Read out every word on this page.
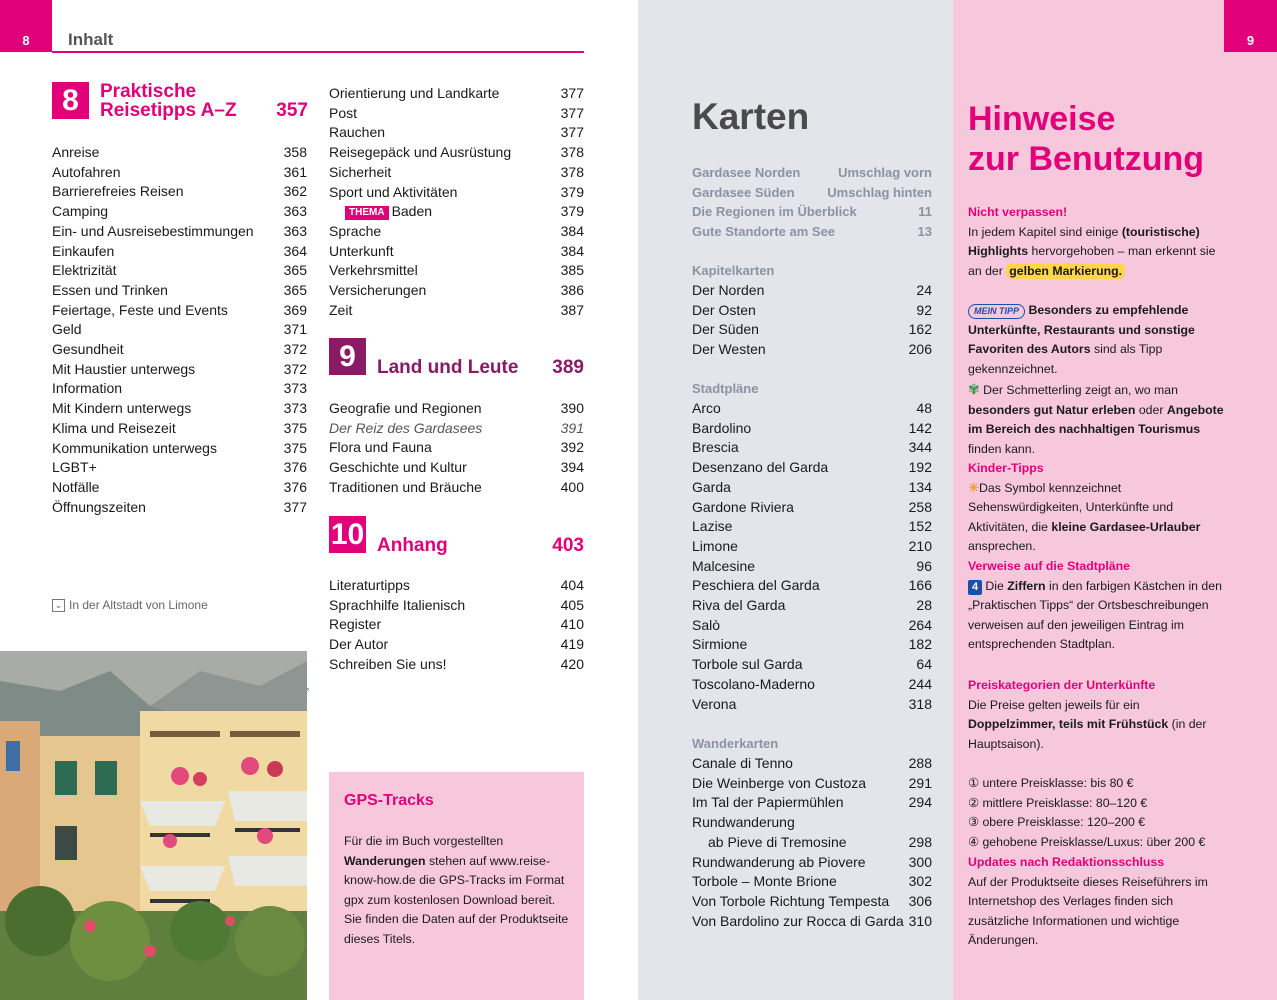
8 Inhalt
8	Praktische
Reisetipps A–Z 357
Anreise	358
Autofahren	361
Barrierefreies Reisen	362
Camping	363
Ein- und Ausreisebestimmungen 363
Einkaufen	364
Elektrizität	365
Essen und Trinken	365
Feiertage, Feste und Events	369
Geld	371
Gesundheit	372
Mit Haustier unterwegs	372
Information	373
Mit Kindern unterwegs	373
Klima und Reisezeit	375
Kommunikation unterwegs	375
LGBT+	376
Notfälle	376
Öffnungszeiten	377
Orientierung und Landkarte	377
Post	377
Rauchen	377
Reisegepäck und Ausrüstung	378
Sicherheit	378
Sport und Aktivitäten	379
THEMA Baden	379
Sprache	384
Unterkunft	384
Verkehrsmittel	385
Versicherungen	386
Zeit	387
9	Land und Leute 389
Geografie und Regionen	390
Der Reiz des Gardasees	391
Flora und Fauna	392
Geschichte und Kultur	394
Traditionen und Bräuche	400
10 Anhang	403
Literaturtipps	404
Sprachhilfe Italienisch	405
Register	410
Der Autor	419
Schreiben Sie uns!	420
⌄ In der Altstadt von Limone
GPS-Tracks

Für die im Buch vorgestellten Wanderungen stehen auf www.reise-know-how.de die GPS-Tracks im Format gpx zum kostenlosen Download bereit. Sie finden die Daten auf der Produktseite dieses Titels.

9
Karten
Gardasee Norden	Umschlag vorn
Gardasee Süden	Umschlag hinten
Die Regionen im Überblick	11
Gute Standorte am See	13
Kapitelkarten
Der Norden	24
Der Osten	92
Der Süden	162
Der Westen	206
Stadtpläne
Arco	48
Bardolino	142
Brescia	344
Desenzano del Garda	192
Garda	134
Gardone Riviera	258
Lazise	152
Limone	210
Malcesine	96
Peschiera del Garda	166
Riva del Garda	28
Salò	264
Sirmione	182
Torbole sul Garda	64
Toscolano-Maderno	244
Verona	318
Wanderkarten
Canale di Tenno	288
Die Weinberge von Custoza	291
Im Tal der Papiermühlen	294
Rundwanderung
ab Pieve di Tremosine	298
Rundwanderung ab Piovere	300
Torbole – Monte Brione	302
Von Torbole Richtung Tempesta 306
Von Bardolino zur Rocca di Garda 310
Hinweise
zur Benutzung
Nicht verpassen!
In jedem Kapitel sind einige (touristische) Highlights hervorgehoben – man erkennt sie an der gelben Markierung.
MEIN TIPP Besonders zu empfehlende Unterkünfte, Restaurants und sonstige Favoriten des Autors sind als Tipp gekennzeichnet.
✾ Der Schmetterling zeigt an, wo man besonders gut Natur erleben oder Angebote im Bereich des nachhaltigen Tourismus finden kann.
Kinder-Tipps
☀Das Symbol kennzeichnet Sehenswürdigkeiten, Unterkünfte und Aktivitäten, die kleine Gardasee-Urlauber ansprechen.
Verweise auf die Stadtpläne
4 Die Ziffern in den farbigen Kästchen in den „Praktischen Tipps“ der Ortsbeschreibungen verweisen auf den jeweiligen Eintrag im entsprechenden Stadtplan.
Preiskategorien der Unterkünfte
Die Preise gelten jeweils für ein Doppelzimmer, teils mit Frühstück (in der Hauptsaison).
① untere Preisklasse: bis 80 €
② mittlere Preisklasse: 80–120 €
③ obere Preisklasse: 120–200 €
④ gehobene Preisklasse/Luxus: über 200 €
Updates nach Redaktionsschluss
Auf der Produktseite dieses Reiseführers im Internetshop des Verlages finden sich zusätzliche Informationen und wichtige Änderungen.
